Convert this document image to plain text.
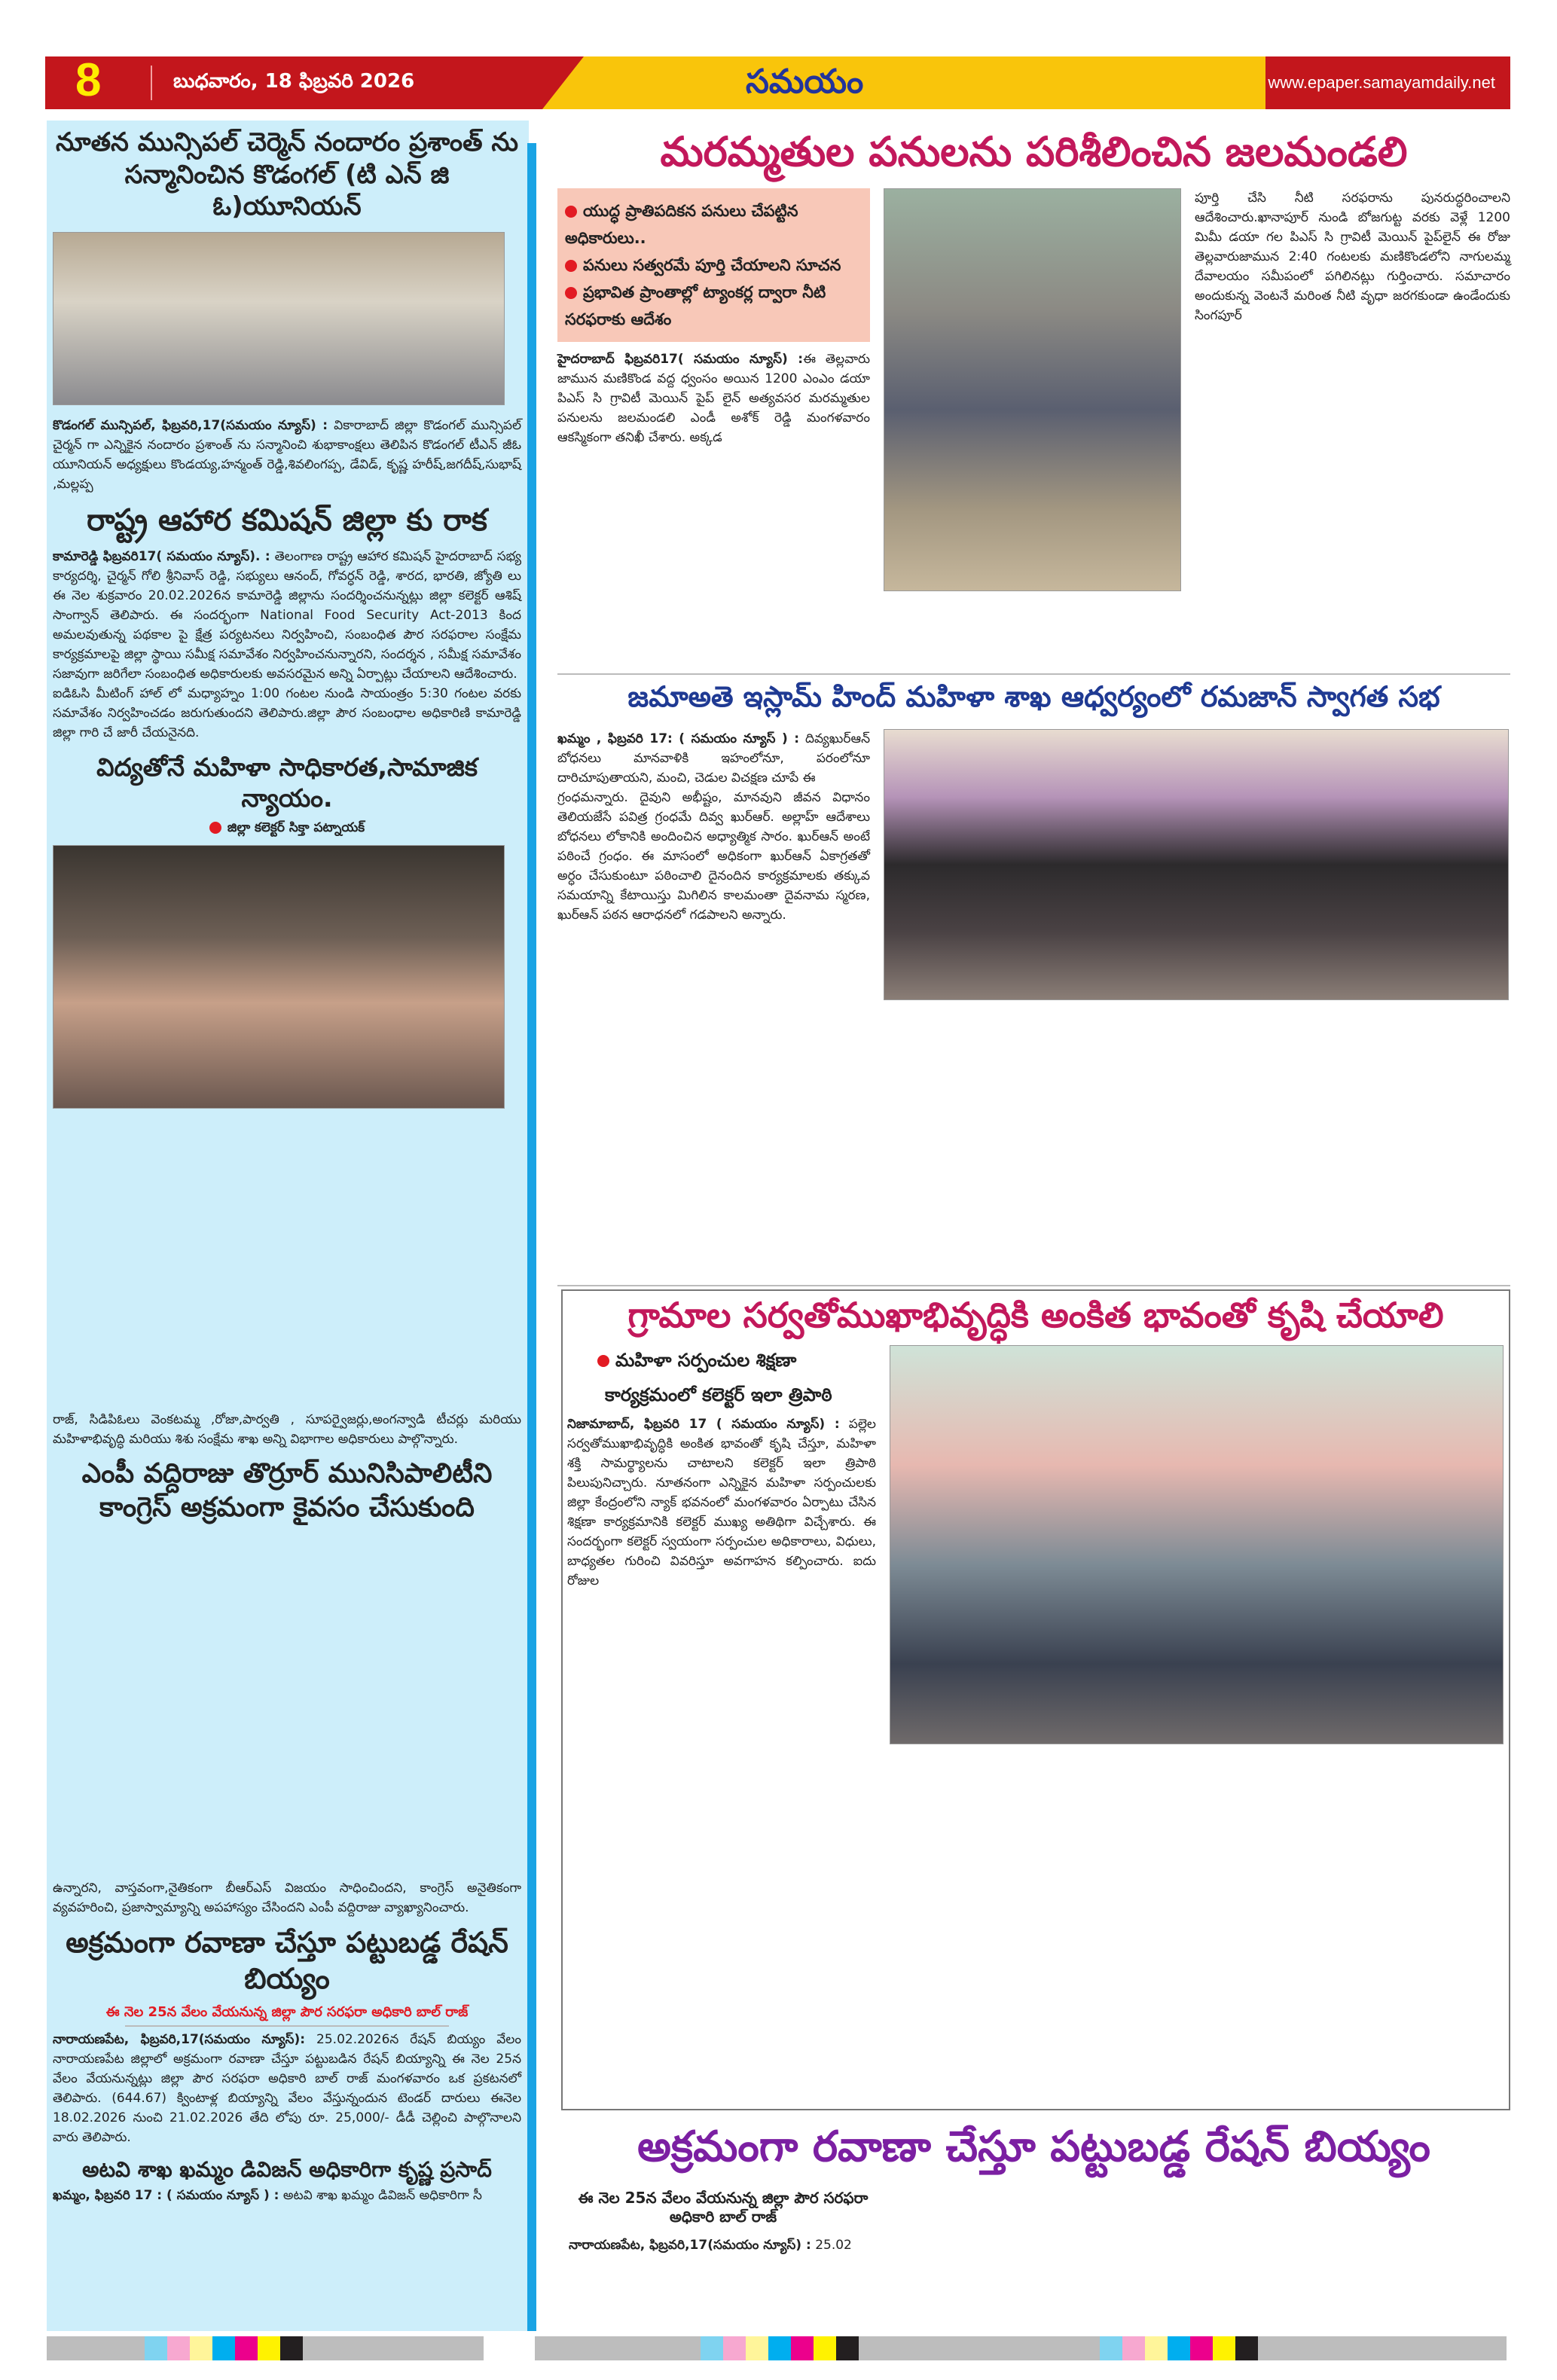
8	బుధవారం, 18 ఫిబ్రవరి 2026	సమయం	www.epaper.samayamdaily.net
నూతన మున్సిపల్ చెర్మెన్ నందారం ప్రశాంత్ ను సన్మానించిన కొడంగల్ (టి ఎన్ జి ఓ)యూనియన్
కొడంగల్ మున్సిపల్, ఫిబ్రవరి,17(సమయం న్యూస్) : వికారాబాద్ జిల్లా కొడంగల్ మున్సిపల్ చైర్మన్ గా ఎన్నికైన నందారం ప్రశాంత్ ను సన్మానించి శుభాకాంక్షలు తెలిపిన కొడంగల్ టీఎన్ జీఓ యూనియన్ అధ్యక్షులు కొండయ్య,హన్మంత్ రెడ్డి,శివలింగప్ప, డేవిడ్, కృష్ణ హరీష్,జగదీష్,సుభాష్ ,మల్లప్ప
రాష్ట్ర ఆహార కమిషన్ జిల్లా కు రాక
కామారెడ్డి ఫిబ్రవరి17( సమయం న్యూస్). : తెలంగాణ రాష్ట్ర ఆహార కమిషన్ హైదరాబాద్ సభ్య కార్యదర్శి, చైర్మన్ గోలి శ్రీనివాస్ రెడ్డి, సభ్యులు ఆనంద్, గోవర్ధన్ రెడ్డి, శారద, భారతి, జ్యోతి లు ఈ నెల శుక్రవారం 20.02.2026న కామారెడ్డి జిల్లాను సందర్శించనున్నట్లు జిల్లా కలెక్టర్ ఆశిష్ సాంగ్వాన్ తెలిపారు. ఈ సందర్భంగా National Food Security Act-2013 కింద అమలవుతున్న పథకాల పై క్షేత్ర పర్యటనలు నిర్వహించి, సంబంధిత పౌర సరఫరాల సంక్షేమ కార్యక్రమాలపై జిల్లా స్థాయి సమీక్ష సమావేశం నిర్వహించనున్నారని, సందర్శన , సమీక్ష సమావేశం సజావుగా జరిగేలా సంబంధిత అధికారులకు అవసరమైన అన్ని ఏర్పాట్లు చేయాలని ఆదేశించారు.
ఐడిఓసి మీటింగ్ హాల్ లో మధ్యాహ్నం 1:00 గంటల నుండి సాయంత్రం 5:30 గంటల వరకు సమావేశం నిర్వహించడం జరుగుతుందని తెలిపారు.జిల్లా పౌర సంబంధాల అధికారిణి కామారెడ్డి జిల్లా గారి చే జారీ చేయనైనది.
విద్యతోనే మహిళా సాధికారత,సామాజిక న్యాయం.
జిల్లా కలెక్టర్ సిక్తా పట్నాయక్
రాజ్, సిడిపిఓలు వెంకటమ్మ ,రోజా,పార్వతి , సూపర్వైజర్లు,అంగన్వాడి టీచర్లు మరియు మహిళాభివృద్ధి మరియు శిశు సంక్షేమ శాఖ అన్ని విభాగాల అధికారులు పాల్గొన్నారు.
ఎంపీ వద్దిరాజు తొర్రూర్ మునిసిపాలిటీని కాంగ్రెస్ అక్రమంగా కైవసం చేసుకుంది
ఉన్నారని, వాస్తవంగా,నైతికంగా బీఆర్ఎస్ విజయం సాధించిందని, కాంగ్రెస్ అనైతికంగా వ్యవహరించి, ప్రజాస్వామ్యాన్ని అపహాస్యం చేసిందని ఎంపీ వద్దిరాజు వ్యాఖ్యానించారు.
అక్రమంగా రవాణా చేస్తూ పట్టుబడ్డ రేషన్ బియ్యం
ఈ నెల 25న వేలం వేయనున్న జిల్లా పౌర సరఫరా అధికారి బాల్ రాజ్
నారాయణపేట, ఫిబ్రవరి,17(సమయం న్యూస్): 25.02.2026న రేషన్ బియ్యం వేలం నారాయణపేట జిల్లాలో అక్రమంగా రవాణా చేస్తూ పట్టుబడిన రేషన్ బియ్యాన్ని ఈ నెల 25న వేలం వేయనున్నట్లు జిల్లా పౌర సరఫరా అధికారి బాల్ రాజ్ మంగళవారం ఒక ప్రకటనలో తెలిపారు. (644.67) క్వింటాళ్ల బియ్యాన్ని వేలం వేస్తున్నందున టెండర్ దారులు ఈనెల 18.02.2026 నుంచి 21.02.2026 తేది లోపు రూ. 25,000/- డీడీ చెల్లించి పాల్గొనాలని వారు తెలిపారు.
అటవి శాఖ ఖమ్మం డివిజన్ అధికారిగా కృష్ణ ప్రసాద్
ఖమ్మం, ఫిబ్రవరి 17 : ( సమయం న్యూస్ ) : అటవి శాఖ ఖమ్మం డివిజన్ అధికారిగా సీ
మరమ్మతుల పనులను పరిశీలించిన జలమండలి
యుద్ధ ప్రాతిపదికన పనులు చేపట్టిన అధికారులు..
పనులు సత్వరమే పూర్తి చేయాలని సూచన
ప్రభావిత ప్రాంతాల్లో ట్యాంకర్ల ద్వారా నీటి సరఫరాకు ఆదేశం
హైదరాబాద్ ఫిబ్రవరి17( సమయం న్యూస్) :ఈ తెల్లవారు జామున మణికొండ వద్ద ధ్వంసం అయిన 1200 ఎంఎం డయా పిఎస్ సి గ్రావిటీ మెయిన్ పైప్ లైన్ అత్యవసర మరమ్మతుల పనులను జలమండలి ఎండీ అశోక్ రెడ్డి మంగళవారం ఆకస్మికంగా తనిఖీ చేశారు. అక్కడ
పూర్తి చేసి నీటి సరఫరాను పునరుద్ధరించాలని ఆదేశించారు.ఖానాపూర్ నుండి బోజగుట్ట వరకు వెళ్లే 1200 మిమీ డయా గల పిఎస్ సి గ్రావిటీ మెయిన్ పైప్‌లైన్ ఈ రోజు తెల్లవారుజామున 2:40 గంటలకు మణికొండలోని నాగులమ్మ దేవాలయం సమీపంలో పగిలినట్లు గుర్తించారు. సమాచారం అందుకున్న వెంటనే మరింత నీటి వృధా జరగకుండా ఉండేందుకు సింగపూర్
జమాఅతె ఇస్లామ్ హింద్ మహిళా శాఖ ఆధ్వర్యంలో రమజాన్ స్వాగత సభ
ఖమ్మం , ఫిబ్రవరి 17: ( సమయం న్యూస్ ) : దివ్యఖుర్ఆన్ బోధనలు మానవాళికి ఇహంలోనూ, పరంలోనూ దారిచూపుతాయని, మంచి, చెడుల విచక్షణ చూపే ఈ
గ్రంధమన్నారు. దైవుని అభీష్టం, మానవుని జీవన విధానం తెలియజేసే పవిత్ర గ్రంధమే దివ్వ ఖుర్ఆర్. అల్లాహ్ ఆదేశాలు బోధనలు లోకానికి అందించిన అధ్యాత్మిక సారం. ఖుర్ఆన్ అంటే పఠించే గ్రంధం. ఈ మాసంలో అధికంగా ఖుర్ఆన్ ఏకాగ్రతతో అర్ధం చేసుకుంటూ పఠించాలి దైనందిన కార్యక్రమాలకు తక్కువ సమయాన్ని కేటాయిస్తు మిగిలిన కాలమంతా దైవనామ స్మరణ, ఖుర్ఆన్ పఠన ఆరాధనలో గడపాలని అన్నారు.
గ్రామాల సర్వతోముఖాభివృద్ధికి అంకిత భావంతో కృషి చేయాలి
మహిళా సర్పంచుల శిక్షణా
కార్యక్రమంలో కలెక్టర్ ఇలా త్రిపాఠి
నిజామాబాద్, ఫిబ్రవరి 17 ( సమయం న్యూస్) : పల్లెల సర్వతోముఖాభివృద్ధికి అంకిత భావంతో కృషి చేస్తూ, మహిళా శక్తి సామర్థ్యాలను చాటాలని కలెక్టర్ ఇలా త్రిపాఠి పిలుపునిచ్చారు. నూతనంగా ఎన్నికైన మహిళా సర్పంచులకు జిల్లా కేంద్రంలోని న్యాక్ భవనంలో మంగళవారం ఏర్పాటు చేసిన శిక్షణా కార్యక్రమానికి కలెక్టర్ ముఖ్య అతిథిగా విచ్చేశారు. ఈ సందర్భంగా కలెక్టర్ స్వయంగా సర్పంచుల అధికారాలు, విధులు, బాధ్యతల గురించి వివరిస్తూ అవగాహన కల్పించారు. ఐదు రోజుల
అక్రమంగా రవాణా చేస్తూ పట్టుబడ్డ రేషన్ బియ్యం
ఈ నెల 25న వేలం వేయనున్న జిల్లా పౌర సరఫరా అధికారి బాల్ రాజ్
నారాయణపేట, ఫిబ్రవరి,17(సమయం న్యూస్) : 25.02
